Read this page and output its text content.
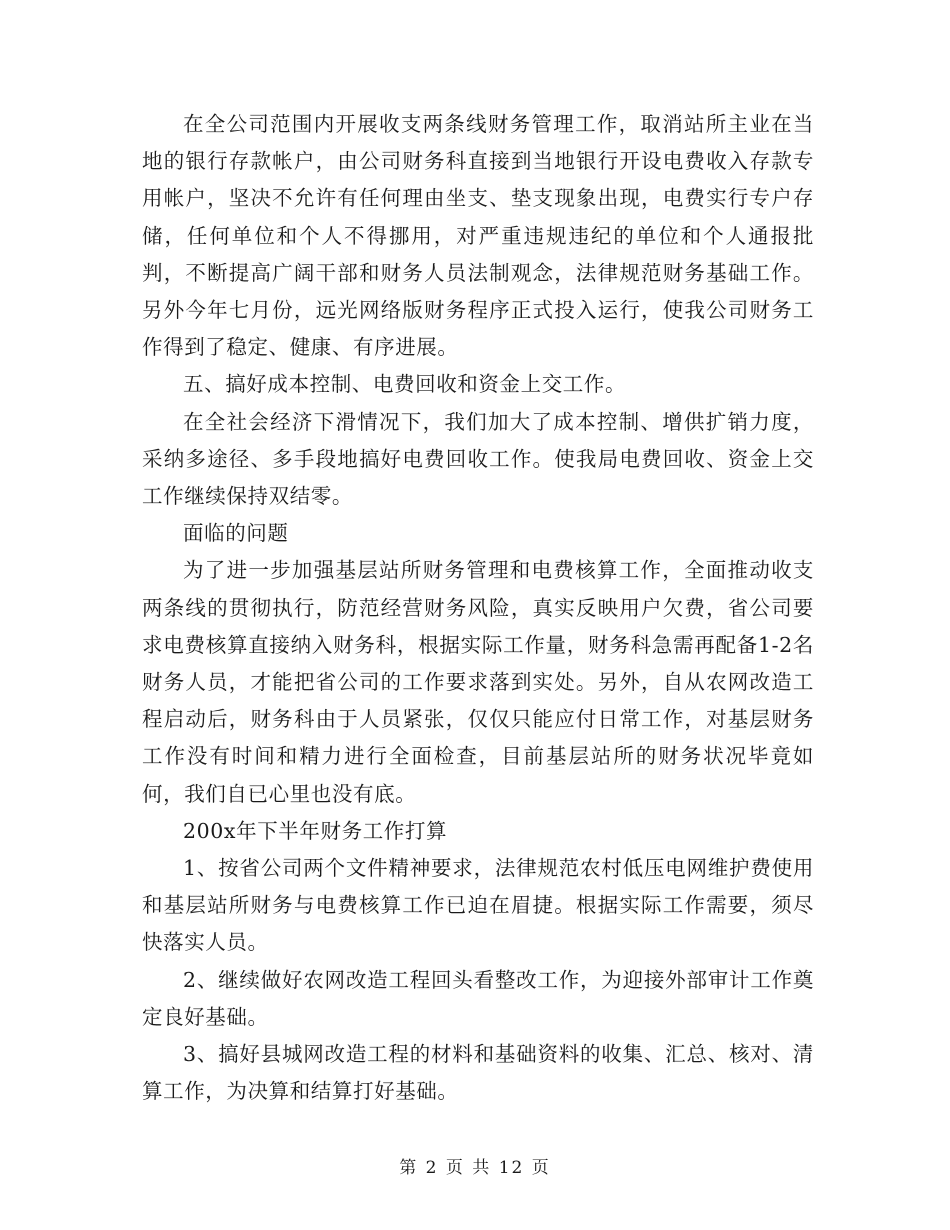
在全公司范围内开展收支两条线财务管理工作，取消站所主业在当地的银行存款帐户，由公司财务科直接到当地银行开设电费收入存款专用帐户，坚决不允许有任何理由坐支、垫支现象出现，电费实行专户存储，任何单位和个人不得挪用，对严重违规违纪的单位和个人通报批判，不断提高广阔干部和财务人员法制观念，法律规范财务基础工作。另外今年七月份，远光网络版财务程序正式投入运行，使我公司财务工作得到了稳定、健康、有序进展。

五、搞好成本控制、电费回收和资金上交工作。

在全社会经济下滑情况下，我们加大了成本控制、增供扩销力度，采纳多途径、多手段地搞好电费回收工作。使我局电费回收、资金上交工作继续保持双结零。

面临的问题

为了进一步加强基层站所财务管理和电费核算工作，全面推动收支两条线的贯彻执行，防范经营财务风险，真实反映用户欠费，省公司要求电费核算直接纳入财务科，根据实际工作量，财务科急需再配备1-2名财务人员，才能把省公司的工作要求落到实处。另外，自从农网改造工程启动后，财务科由于人员紧张，仅仅只能应付日常工作，对基层财务工作没有时间和精力进行全面检查，目前基层站所的财务状况毕竟如何，我们自已心里也没有底。

200x年下半年财务工作打算

1、按省公司两个文件精神要求，法律规范农村低压电网维护费使用和基层站所财务与电费核算工作已迫在眉捷。根据实际工作需要，须尽快落实人员。

2、继续做好农网改造工程回头看整改工作，为迎接外部审计工作奠定良好基础。

3、搞好县城网改造工程的材料和基础资料的收集、汇总、核对、清算工作，为决算和结算打好基础。

第 2 页 共 12 页
